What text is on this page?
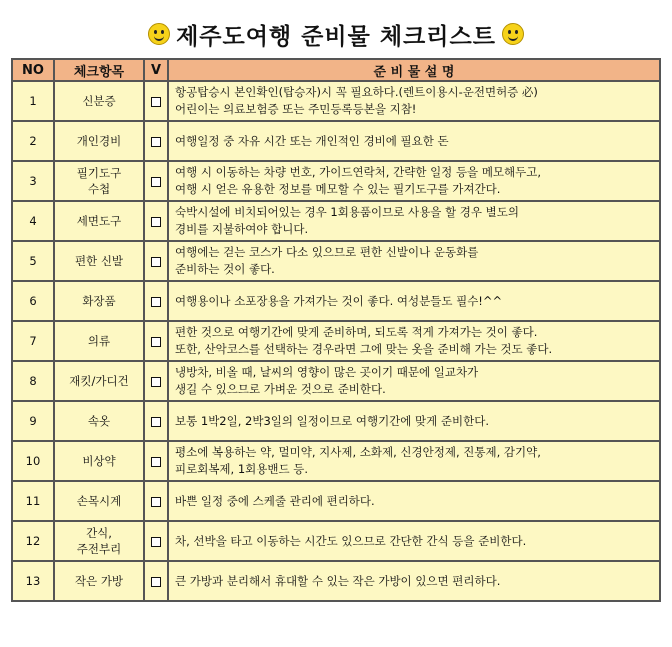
제주도여행 준비물 체크리스트
NO	체크항목	V	준 비 물 설 명
1	신분증		항공탑승시 본인확인(탑승자)시 꼭 필요하다.(렌트이용시-운전면허증 必)
어린이는 의료보험증 또는 주민등록등본을 지참!

2	개인경비		여행일정 중 자유 시간 또는 개인적인 경비에 필요한 돈

3	필기도구
수첩		여행 시 이동하는 차량 번호, 가이드연락처, 간략한 일정 등을 메모해두고,
여행 시 얻은 유용한 정보를 메모할 수 있는 필기도구를 가져간다.

4	세면도구		숙박시설에 비치되어있는 경우 1회용품이므로 사용을 할 경우 별도의
경비를 지불하여야 합니다.

5	편한 신발		여행에는 걷는 코스가 다소 있으므로 편한 신발이나 운동화를
준비하는 것이 좋다.

6	화장품		여행용이나 소포장용을 가져가는 것이 좋다. 여성분들도 필수!^^

7	의류		편한 것으로 여행기간에 맞게 준비하며, 되도록 적게 가져가는 것이 좋다.
또한, 산악코스를 선택하는 경우라면 그에 맞는 옷을 준비해 가는 것도 좋다.

8	재킷/가디건		냉방차, 비올 때, 날씨의 영향이 많은 곳이기 때문에 일교차가
생길 수 있으므로 가벼운 것으로 준비한다.

9	속옷		보통 1박2일, 2박3일의 일정이므로 여행기간에 맞게 준비한다.

10	비상약		평소에 복용하는 약, 멀미약, 지사제, 소화제, 신경안정제, 진통제, 감기약,
피로회복제, 1회용밴드 등.

11	손목시계		바쁜 일정 중에 스케줄 관리에 편리하다.

12	간식,
주전부리		차, 선박을 타고 이동하는 시간도 있으므로 간단한 간식 등을 준비한다.

13	작은 가방		큰 가방과 분리해서 휴대할 수 있는 작은 가방이 있으면 편리하다.
